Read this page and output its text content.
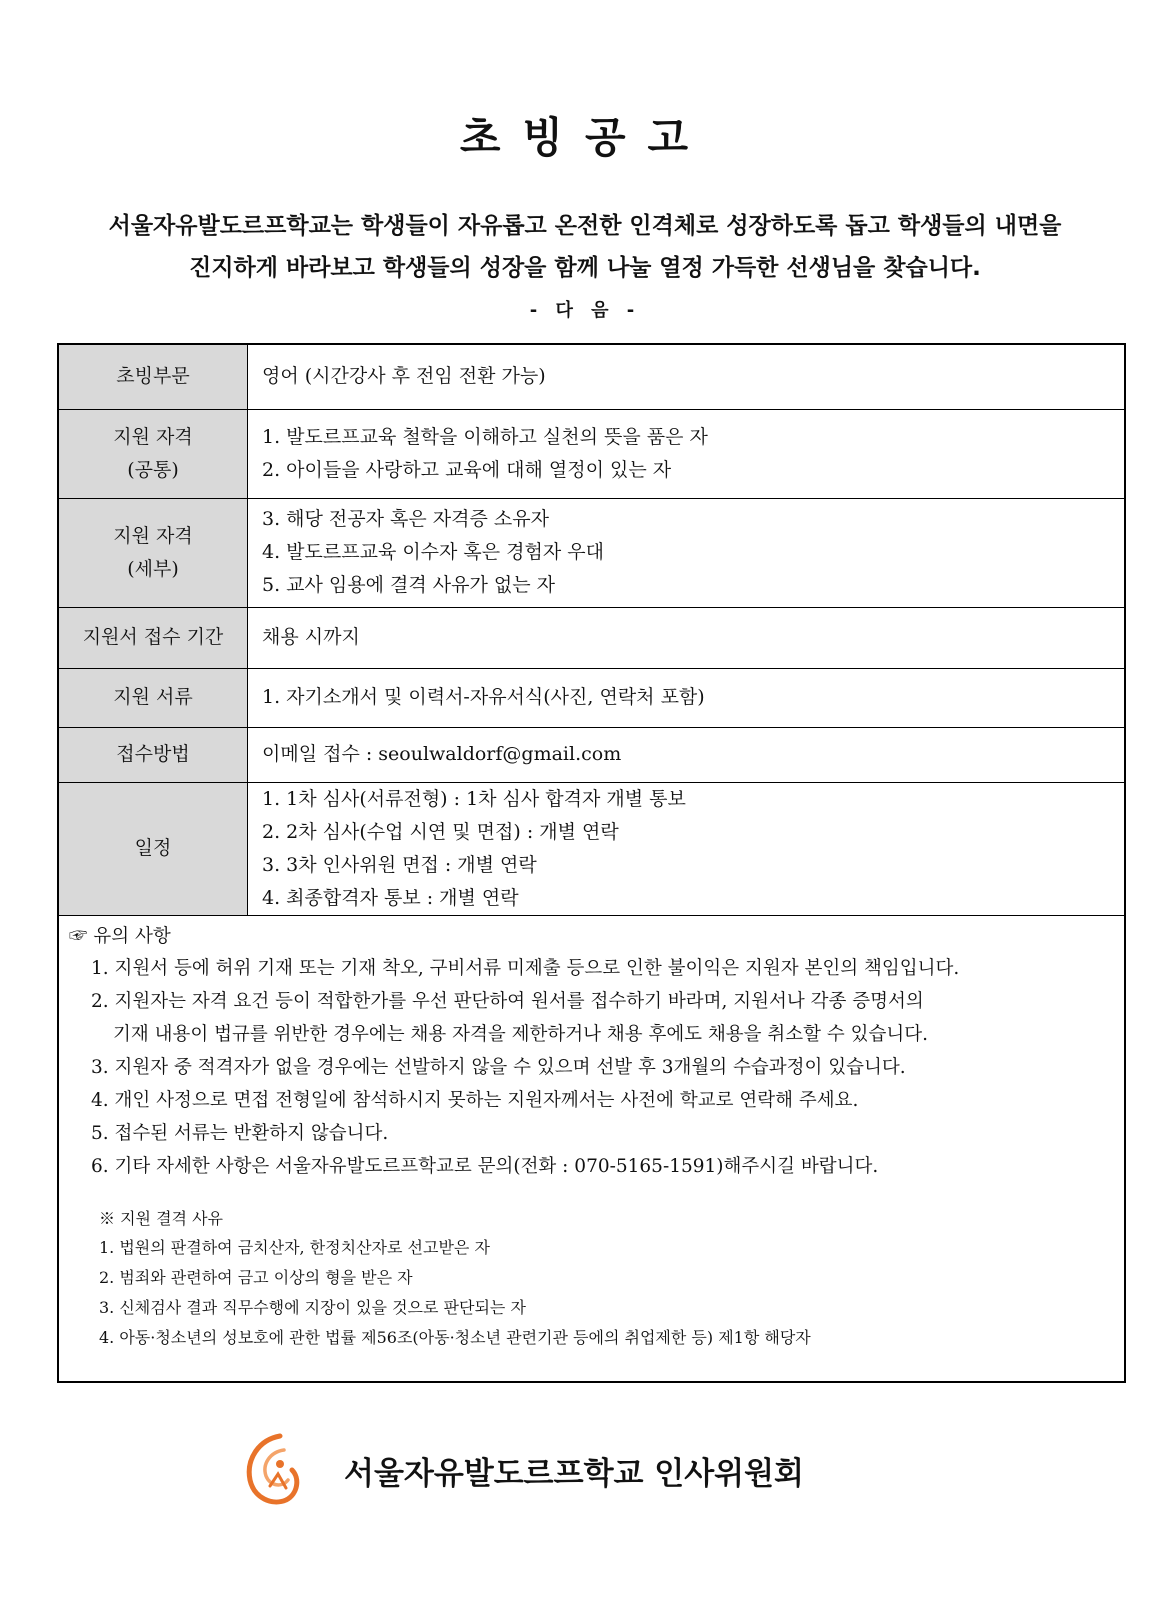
초빙공고
서울자유발도르프학교는 학생들이 자유롭고 온전한 인격체로 성장하도록 돕고 학생들의 내면을
진지하게 바라보고 학생들의 성장을 함께 나눌 열정 가득한 선생님을 찾습니다.
- 다 음 -
초빙부문	영어 (시간강사 후 전임 전환 가능)

지원 자격
(공통)	1. 발도르프교육 철학을 이해하고 실천의 뜻을 품은 자
2. 아이들을 사랑하고 교육에 대해 열정이 있는 자

지원 자격
(세부)	3. 해당 전공자 혹은 자격증 소유자
4. 발도르프교육 이수자 혹은 경험자 우대
5. 교사 임용에 결격 사유가 없는 자

지원서 접수 기간	채용 시까지
지원 서류	1. 자기소개서 및 이력서-자유서식(사진, 연락처 포함)
접수방법	이메일 접수 : seoulwaldorf@gmail.com
일정	1. 1차 심사(서류전형) : 1차 심사 합격자 개별 통보
2. 2차 심사(수업 시연 및 면접) : 개별 연락
3. 3차 인사위원 면접 : 개별 연락
4. 최종합격자 통보 : 개별 연락
☞ 유의 사항
1. 지원서 등에 허위 기재 또는 기재 착오, 구비서류 미제출 등으로 인한 불이익은 지원자 본인의 책임입니다.
2. 지원자는 자격 요건 등이 적합한가를 우선 판단하여 원서를 접수하기 바라며, 지원서나 각종 증명서의
기재 내용이 법규를 위반한 경우에는 채용 자격을 제한하거나 채용 후에도 채용을 취소할 수 있습니다.
3. 지원자 중 적격자가 없을 경우에는 선발하지 않을 수 있으며 선발 후 3개월의 수습과정이 있습니다.
4. 개인 사정으로 면접 전형일에 참석하시지 못하는 지원자께서는 사전에 학교로 연락해 주세요.
5. 접수된 서류는 반환하지 않습니다.
6. 기타 자세한 사항은 서울자유발도르프학교로 문의(전화 : 070-5165-1591)해주시길 바랍니다.
※ 지원 결격 사유
1. 법원의 판결하여 금치산자, 한정치산자로 선고받은 자
2. 범죄와 관련하여 금고 이상의 형을 받은 자
3. 신체검사 결과 직무수행에 지장이 있을 것으로 판단되는 자
4. 아동·청소년의 성보호에 관한 법률 제56조(아동·청소년 관련기관 등에의 취업제한 등) 제1항 해당자
서울자유발도르프학교 인사위원회
